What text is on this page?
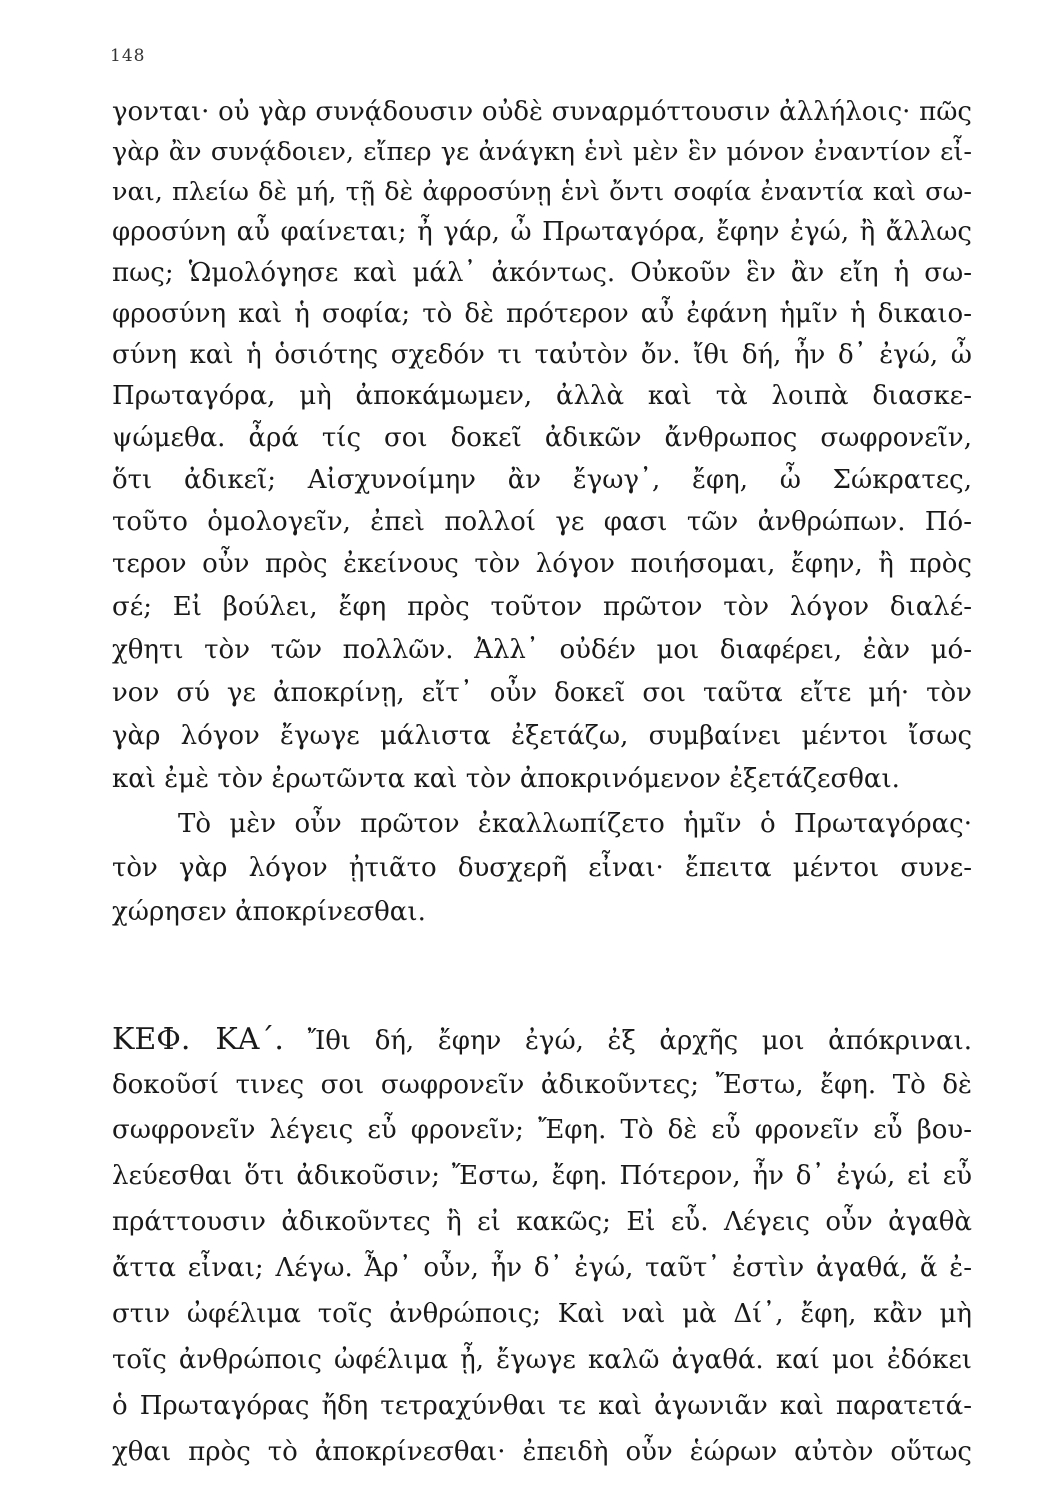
148
γονται· οὐ γὰρ συνᾴδουσιν οὐδὲ συναρμόττουσιν ἀλλήλοις· πῶς
γὰρ ἂν συνᾴδοιεν, εἴπερ γε ἀνάγκη ἑνὶ μὲν ἓν μόνον ἐναντίον εἶ-
ναι, πλείω δὲ μή, τῇ δὲ ἀφροσύνῃ ἑνὶ ὄντι σοφία ἐναντία καὶ σω-
φροσύνη αὖ φαίνεται; ἦ γάρ, ὦ Πρωταγόρα, ἔφην ἐγώ, ἢ ἄλλως
πως; Ὡμολόγησε καὶ μάλ᾽ ἀκόντως. Οὐκοῦν ἓν ἂν εἴη ἡ σω-
φροσύνη καὶ ἡ σοφία; τὸ δὲ πρότερον αὖ ἐφάνη ἡμῖν ἡ δικαιο-
σύνη καὶ ἡ ὁσιότης σχεδόν τι ταὐτὸν ὄν. ἴθι δή, ἦν δ᾽ ἐγώ, ὦ
Πρωταγόρα, μὴ ἀποκάμωμεν, ἀλλὰ καὶ τὰ λοιπὰ διασκε-
ψώμεθα. ἆρά τίς σοι δοκεῖ ἀδικῶν ἄνθρωπος σωφρονεῖν,
ὅτι ἀδικεῖ; Αἰσχυνοίμην ἂν ἔγωγ᾽, ἔφη, ὦ Σώκρατες,
τοῦτο ὁμολογεῖν, ἐπεὶ πολλοί γε φασι τῶν ἀνθρώπων. Πό-
τερον οὖν πρὸς ἐκείνους τὸν λόγον ποιήσομαι, ἔφην, ἢ πρὸς
σέ; Εἰ βούλει, ἔφη πρὸς τοῦτον πρῶτον τὸν λόγον διαλέ-
χθητι τὸν τῶν πολλῶν. Ἀλλ᾽ οὐδέν μοι διαφέρει, ἐὰν μό-
νον σύ γε ἀποκρίνῃ, εἴτ᾽ οὖν δοκεῖ σοι ταῦτα εἴτε μή· τὸν
γὰρ λόγον ἔγωγε μάλιστα ἐξετάζω, συμβαίνει μέντοι ἴσως
καὶ ἐμὲ τὸν ἐρωτῶντα καὶ τὸν ἀποκρινόμενον ἐξετάζεσθαι.
Τὸ μὲν οὖν πρῶτον ἐκαλλωπίζετο ἡμῖν ὁ Πρωταγόρας·
τὸν γὰρ λόγον ᾐτιᾶτο δυσχερῆ εἶναι· ἔπειτα μέντοι συνε-
χώρησεν ἀποκρίνεσθαι.
ΚΕΦ. ΚΑ΄. Ἴθι δή, ἔφην ἐγώ, ἐξ ἀρχῆς μοι ἀπόκριναι.
δοκοῦσί τινες σοι σωφρονεῖν ἀδικοῦντες; Ἔστω, ἔφη. Τὸ δὲ
σωφρονεῖν λέγεις εὖ φρονεῖν; Ἔφη. Τὸ δὲ εὖ φρονεῖν εὖ βου-
λεύεσθαι ὅτι ἀδικοῦσιν; Ἔστω, ἔφη. Πότερον, ἦν δ᾽ ἐγώ, εἰ εὖ
πράττουσιν ἀδικοῦντες ἢ εἰ κακῶς; Εἰ εὖ. Λέγεις οὖν ἀγαθὰ
ἄττα εἶναι; Λέγω. Ἆρ᾽ οὖν, ἦν δ᾽ ἐγώ, ταῦτ᾽ ἐστὶν ἀγαθά, ἅ ἐ-
στιν ὠφέλιμα τοῖς ἀνθρώποις; Καὶ ναὶ μὰ Δί᾽, ἔφη, κἂν μὴ
τοῖς ἀνθρώποις ὠφέλιμα ᾖ, ἔγωγε καλῶ ἀγαθά. καί μοι ἐδόκει
ὁ Πρωταγόρας ἤδη τετραχύνθαι τε καὶ ἀγωνιᾶν καὶ παρατετά-
χθαι πρὸς τὸ ἀποκρίνεσθαι· ἐπειδὴ οὖν ἑώρων αὐτὸν οὕτως
